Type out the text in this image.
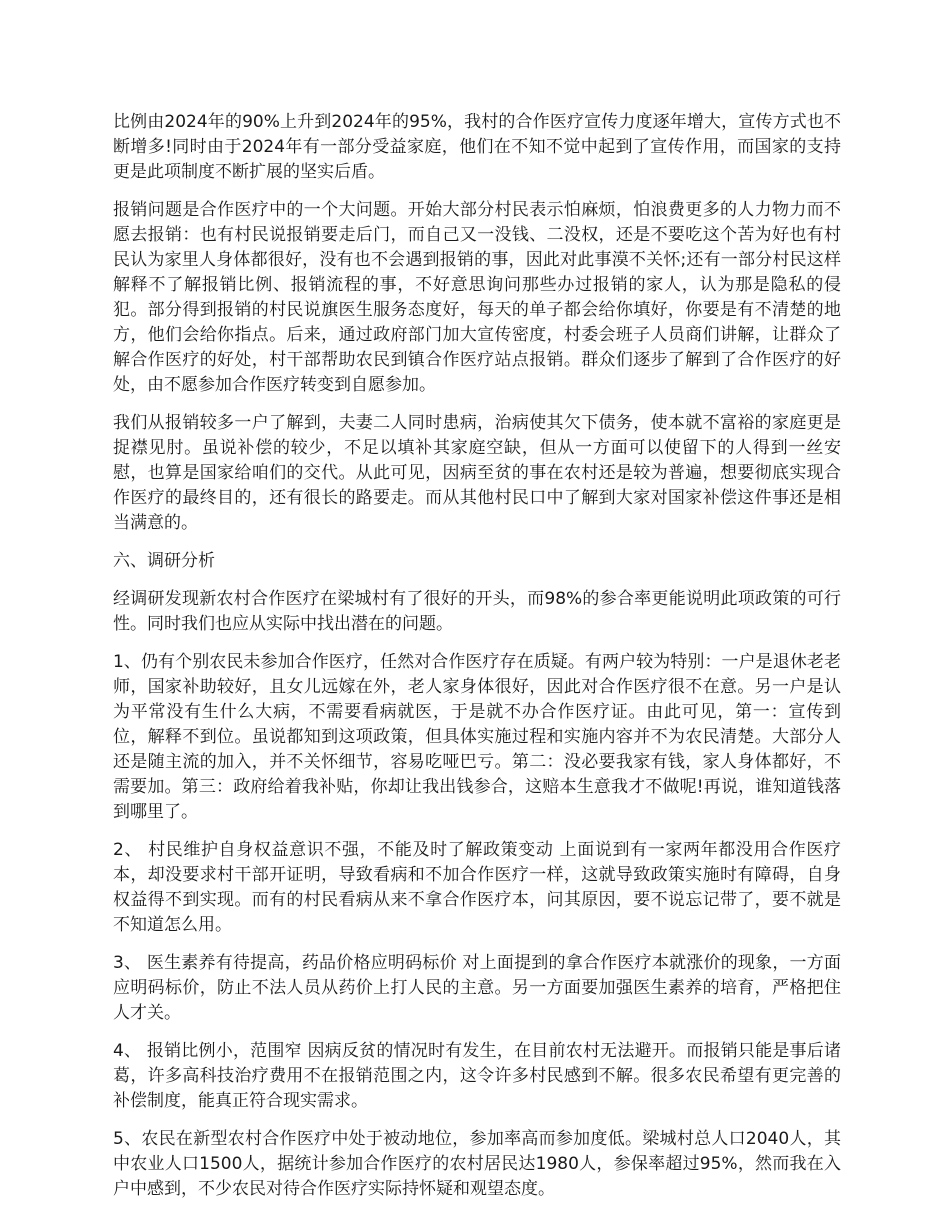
比例由2024年的90%上升到2024年的95%，我村的合作医疗宣传力度逐年增大，宣传方式也不断增多!同时由于2024年有一部分受益家庭，他们在不知不觉中起到了宣传作用，而国家的支持更是此项制度不断扩展的坚实后盾。

报销问题是合作医疗中的一个大问题。开始大部分村民表示怕麻烦，怕浪费更多的人力物力而不愿去报销：也有村民说报销要走后门，而自己又一没钱、二没权，还是不要吃这个苦为好也有村民认为家里人身体都很好，没有也不会遇到报销的事，因此对此事漠不关怀;还有一部分村民这样解释不了解报销比例、报销流程的事，不好意思询问那些办过报销的家人，认为那是隐私的侵犯。部分得到报销的村民说旗医生服务态度好，每天的单子都会给你填好，你要是有不清楚的地方，他们会给你指点。后来，通过政府部门加大宣传密度，村委会班子人员商们讲解，让群众了解合作医疗的好处，村干部帮助农民到镇合作医疗站点报销。群众们逐步了解到了合作医疗的好处，由不愿参加合作医疗转变到自愿参加。

我们从报销较多一户了解到，夫妻二人同时患病，治病使其欠下债务，使本就不富裕的家庭更是捉襟见肘。虽说补偿的较少，不足以填补其家庭空缺，但从一方面可以使留下的人得到一丝安慰，也算是国家给咱们的交代。从此可见，因病至贫的事在农村还是较为普遍，想要彻底实现合作医疗的最终目的，还有很长的路要走。而从其他村民口中了解到大家对国家补偿这件事还是相当满意的。

六、调研分析

经调研发现新农村合作医疗在梁城村有了很好的开头，而98%的参合率更能说明此项政策的可行性。同时我们也应从实际中找出潜在的问题。

1、仍有个别农民未参加合作医疗，任然对合作医疗存在质疑。有两户较为特别：一户是退休老老师，国家补助较好，且女儿远嫁在外，老人家身体很好，因此对合作医疗很不在意。另一户是认为平常没有生什么大病，不需要看病就医，于是就不办合作医疗证。由此可见，第一：宣传到位，解释不到位。虽说都知到这项政策，但具体实施过程和实施内容并不为农民清楚。大部分人还是随主流的加入，并不关怀细节，容易吃哑巴亏。第二：没必要我家有钱，家人身体都好，不需要加。第三：政府给着我补贴，你却让我出钱参合，这赔本生意我才不做呢!再说，谁知道钱落到哪里了。

2、 村民维护自身权益意识不强，不能及时了解政策变动 上面说到有一家两年都没用合作医疗本，却没要求村干部开证明，导致看病和不加合作医疗一样，这就导致政策实施时有障碍，自身权益得不到实现。而有的村民看病从来不拿合作医疗本，问其原因，要不说忘记带了，要不就是不知道怎么用。

3、 医生素养有待提高，药品价格应明码标价 对上面提到的拿合作医疗本就涨价的现象，一方面应明码标价，防止不法人员从药价上打人民的主意。另一方面要加强医生素养的培育，严格把住人才关。

4、 报销比例小，范围窄 因病反贫的情况时有发生，在目前农村无法避开。而报销只能是事后诸葛，许多高科技治疗费用不在报销范围之内，这令许多村民感到不解。很多农民希望有更完善的补偿制度，能真正符合现实需求。

5、农民在新型农村合作医疗中处于被动地位，参加率高而参加度低。梁城村总人口2040人，其中农业人口1500人，据统计参加合作医疗的农村居民达1980人，参保率超过95%，然而我在入户中感到，不少农民对待合作医疗实际持怀疑和观望态度。
